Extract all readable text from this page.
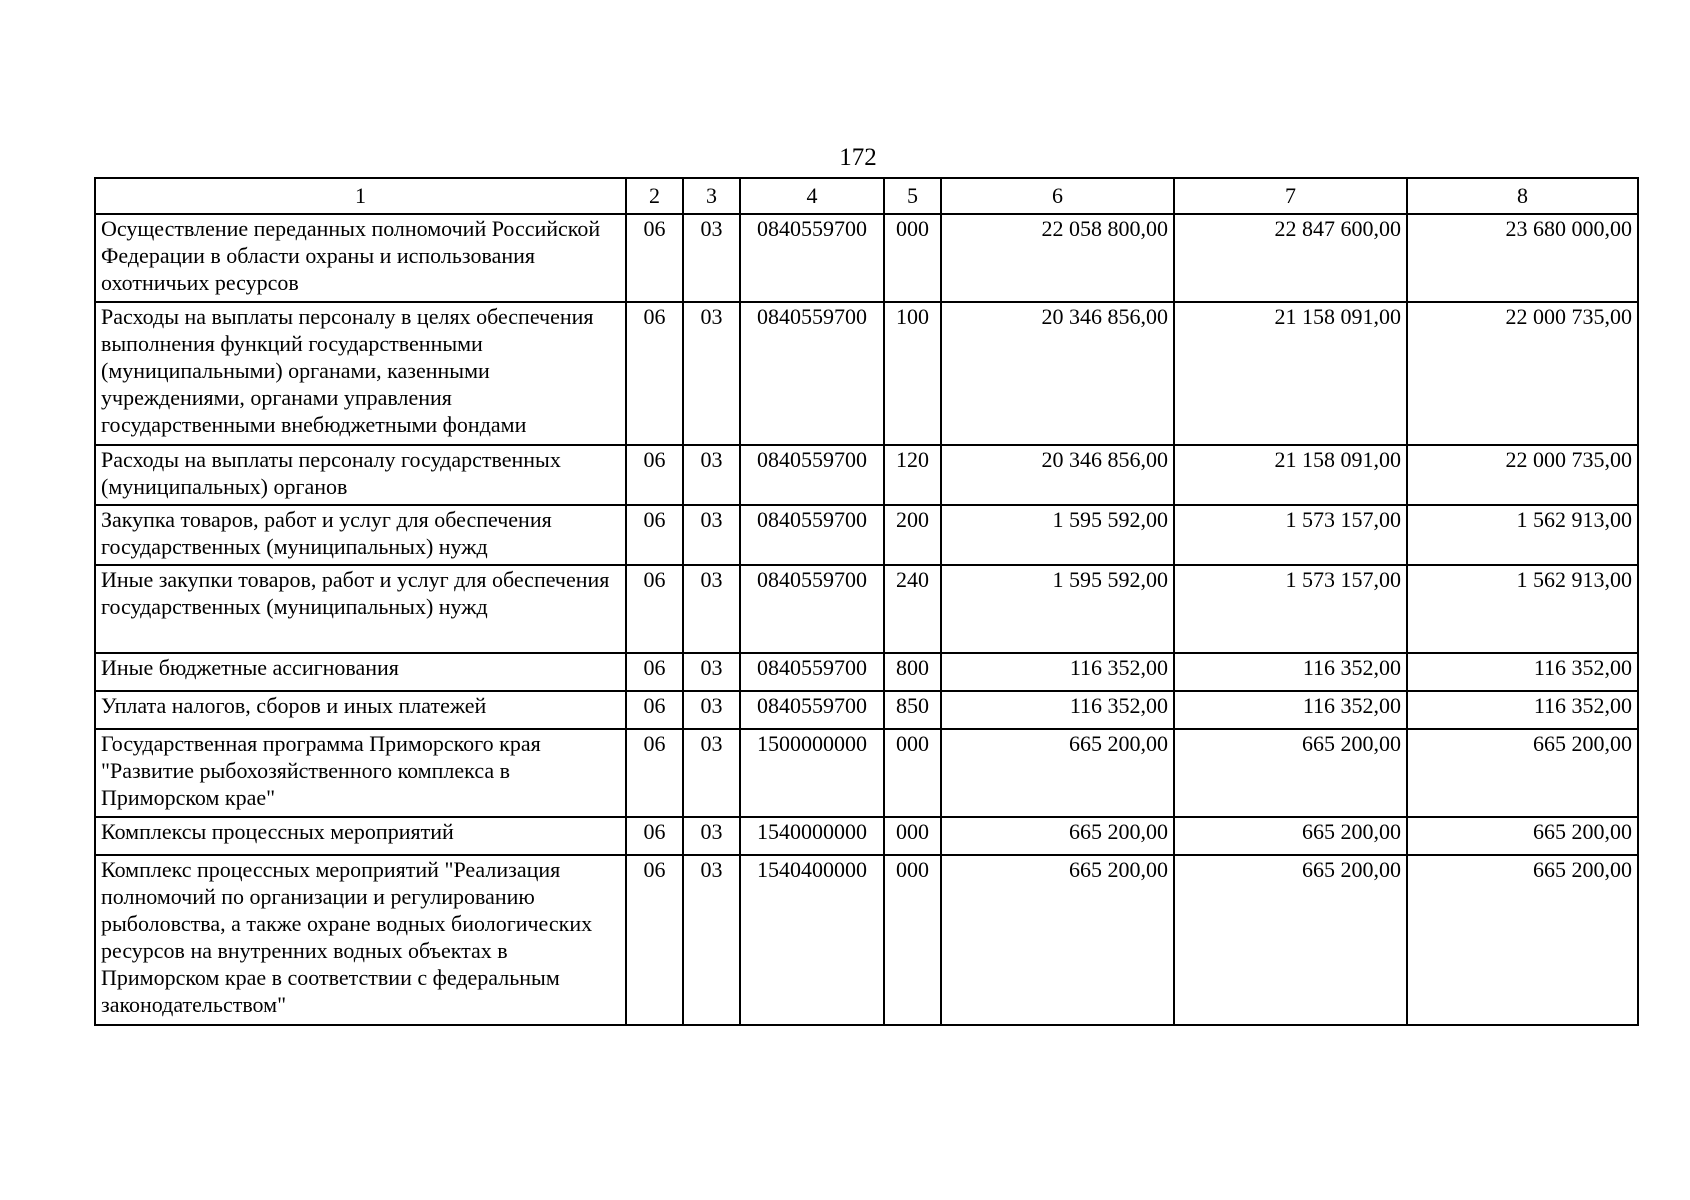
172
1	2	3	4	5	6	7	8
Осуществление переданных полномочий Российской Федерации в области охраны и использования охотничьих ресурсов	06	03	0840559700	000	22 058 800,00	22 847 600,00	23 680 000,00
Расходы на выплаты персоналу в целях обеспечения выполнения функций государственными (муниципальными) органами, казенными учреждениями, органами управления государственными внебюджетными фондами	06	03	0840559700	100	20 346 856,00	21 158 091,00	22 000 735,00
Расходы на выплаты персоналу государственных (муниципальных) органов	06	03	0840559700	120	20 346 856,00	21 158 091,00	22 000 735,00
Закупка товаров, работ и услуг для обеспечения государственных (муниципальных) нужд	06	03	0840559700	200	1 595 592,00	1 573 157,00	1 562 913,00
Иные закупки товаров, работ и услуг для обеспечения государственных (муниципальных) нужд	06	03	0840559700	240	1 595 592,00	1 573 157,00	1 562 913,00
Иные бюджетные ассигнования	06	03	0840559700	800	116 352,00	116 352,00	116 352,00
Уплата налогов, сборов и иных платежей	06	03	0840559700	850	116 352,00	116 352,00	116 352,00
Государственная программа Приморского края "Развитие рыбохозяйственного комплекса в Приморском крае"	06	03	1500000000	000	665 200,00	665 200,00	665 200,00
Комплексы процессных мероприятий	06	03	1540000000	000	665 200,00	665 200,00	665 200,00
Комплекс процессных мероприятий "Реализация полномочий по организации и регулированию рыболовства, а также охране водных биологических ресурсов на внутренних водных объектах в Приморском крае в соответствии с федеральным законодательством"	06	03	1540400000	000	665 200,00	665 200,00	665 200,00
